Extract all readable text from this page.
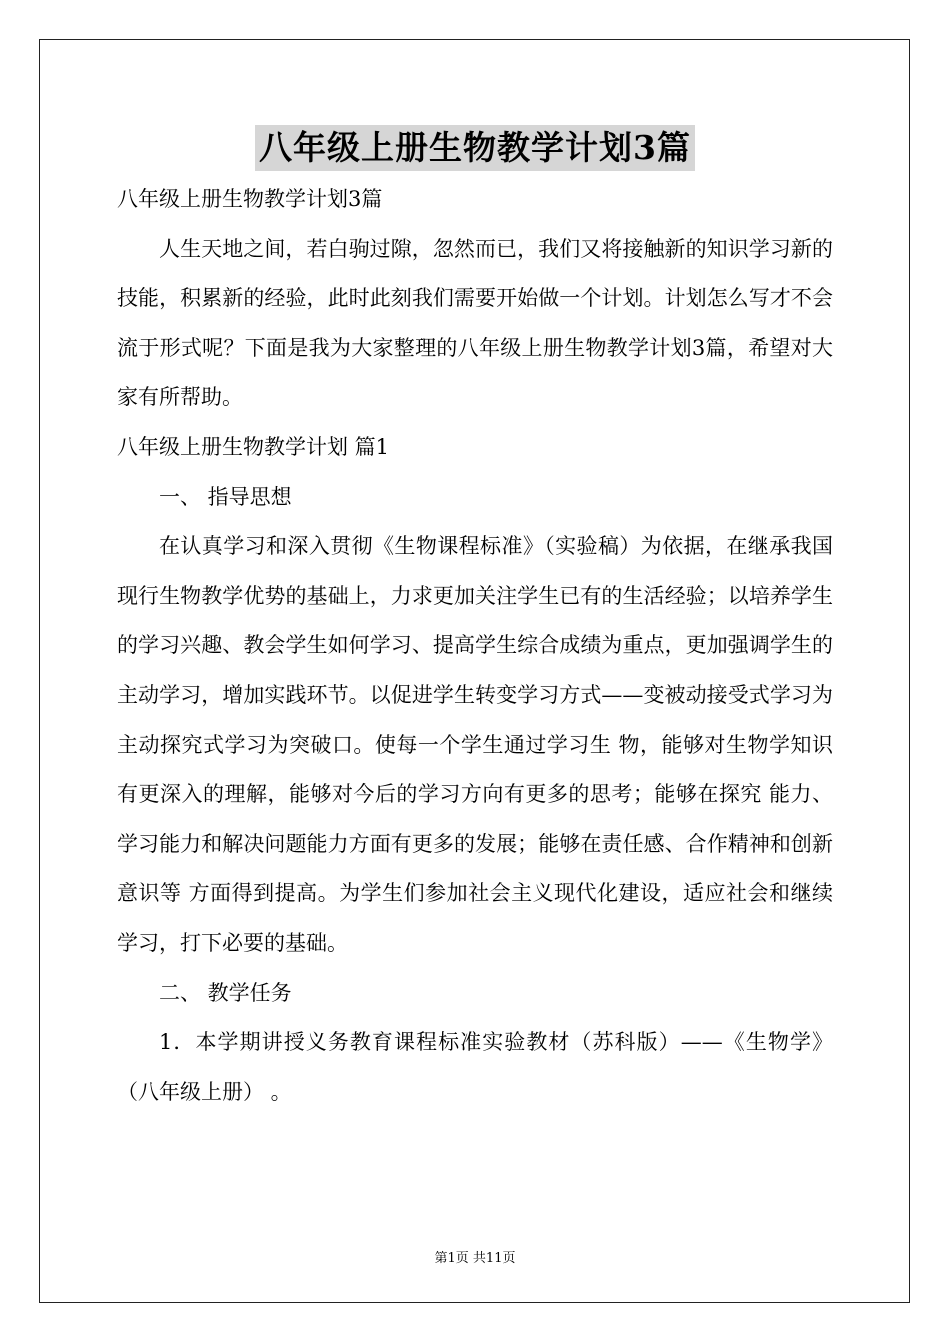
八年级上册生物教学计划3篇
八年级上册生物教学计划3篇

人生天地之间，若白驹过隙，忽然而已，我们又将接触新的知识学习新的技能，积累新的经验，此时此刻我们需要开始做一个计划。计划怎么写才不会流于形式呢？下面是我为大家整理的八年级上册生物教学计划3篇，希望对大家有所帮助。

八年级上册生物教学计划 篇1
一、 指导思想

在认真学习和深入贯彻《生物课程标准》（实验稿）为依据，在继承我国现行生物教学优势的基础上，力求更加关注学生已有的生活经验；以培养学生的学习兴趣、教会学生如何学习、提高学生综合成绩为重点，更加强调学生的主动学习，增加实践环节。以促进学生转变学习方式——变被动接受式学习为主动探究式学习为突破口。使每一个学生通过学习生 物，能够对生物学知识有更深入的理解，能够对今后的学习方向有更多的思考；能够在探究 能力、学习能力和解决问题能力方面有更多的发展；能够在责任感、合作精神和创新意识等 方面得到提高。为学生们参加社会主义现代化建设，适应社会和继续学习，打下必要的基础。

二、 教学任务

1．本学期讲授义务教育课程标准实验教材（苏科版）——《生物学》 （八年级上册） 。

第1页 共11页
